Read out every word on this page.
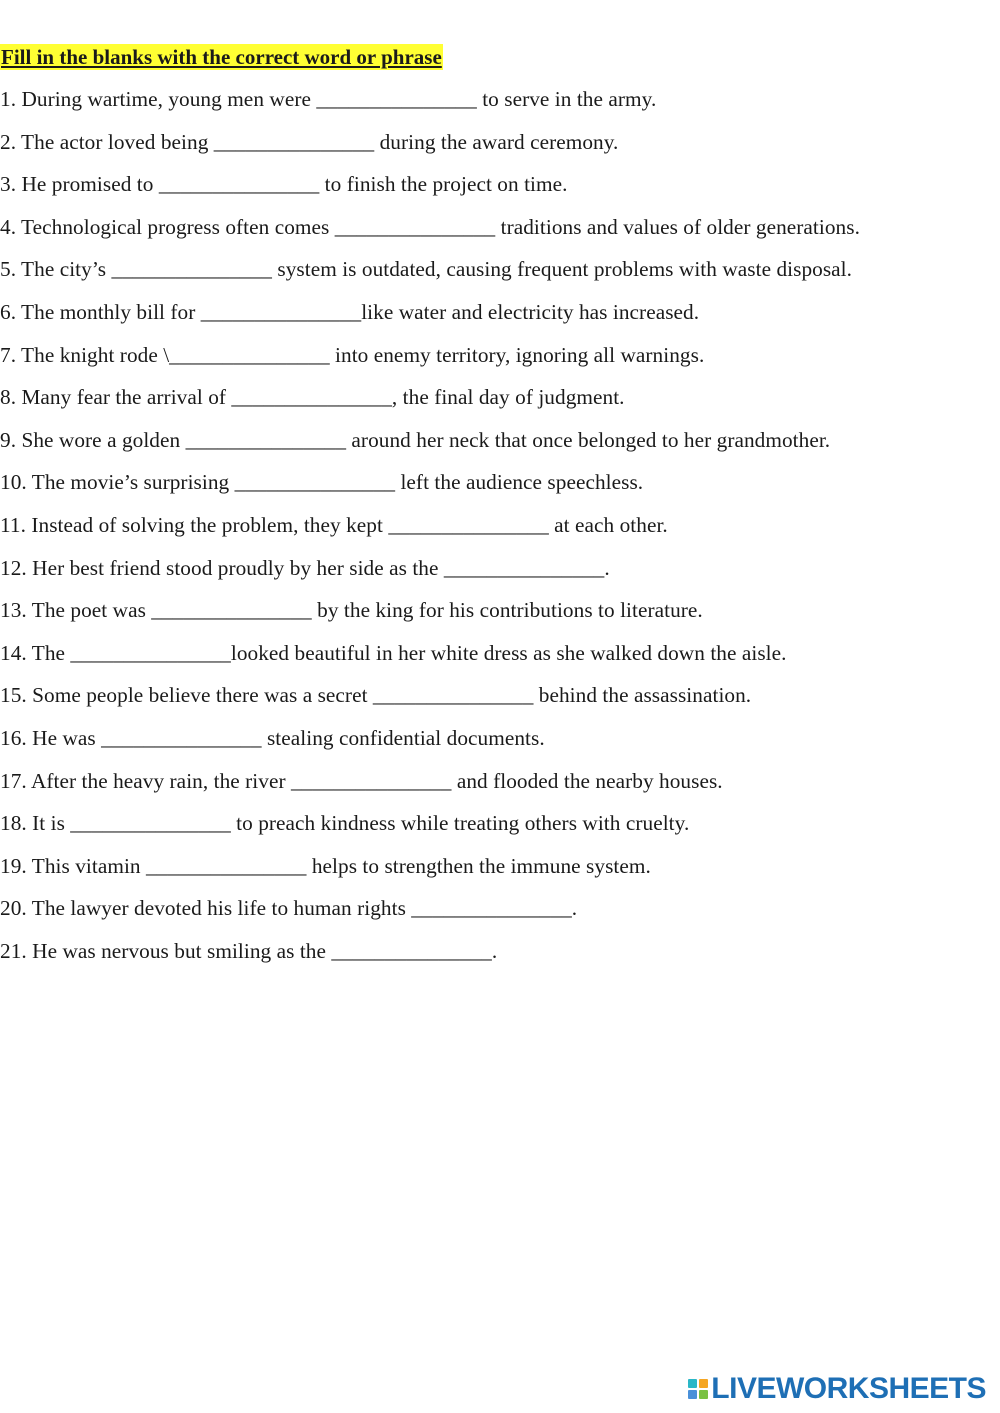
Fill in the blanks with the correct word or phrase
1. During wartime, young men were _______________ to serve in the army.
2. The actor loved being _______________ during the award ceremony.
3. He promised to _______________ to finish the project on time.
4. Technological progress often comes _______________ traditions and values of older generations.
5. The city’s _______________ system is outdated, causing frequent problems with waste disposal.
6. The monthly bill for _______________like water and electricity has increased.
7. The knight rode \_______________ into enemy territory, ignoring all warnings.
8. Many fear the arrival of _______________, the final day of judgment.
9. She wore a golden _______________ around her neck that once belonged to her grandmother.
10. The movie’s surprising _______________ left the audience speechless.
11. Instead of solving the problem, they kept _______________ at each other.
12. Her best friend stood proudly by her side as the _______________.
13. The poet was _______________ by the king for his contributions to literature.
14. The _______________looked beautiful in her white dress as she walked down the aisle.
15. Some people believe there was a secret _______________ behind the assassination.
16. He was _______________ stealing confidential documents.
17. After the heavy rain, the river _______________ and flooded the nearby houses.
18. It is _______________ to preach kindness while treating others with cruelty.
19. This vitamin _______________ helps to strengthen the immune system.
20. The lawyer devoted his life to human rights _______________.
21. He was nervous but smiling as the _______________.
LIVEWORKSHEETS
